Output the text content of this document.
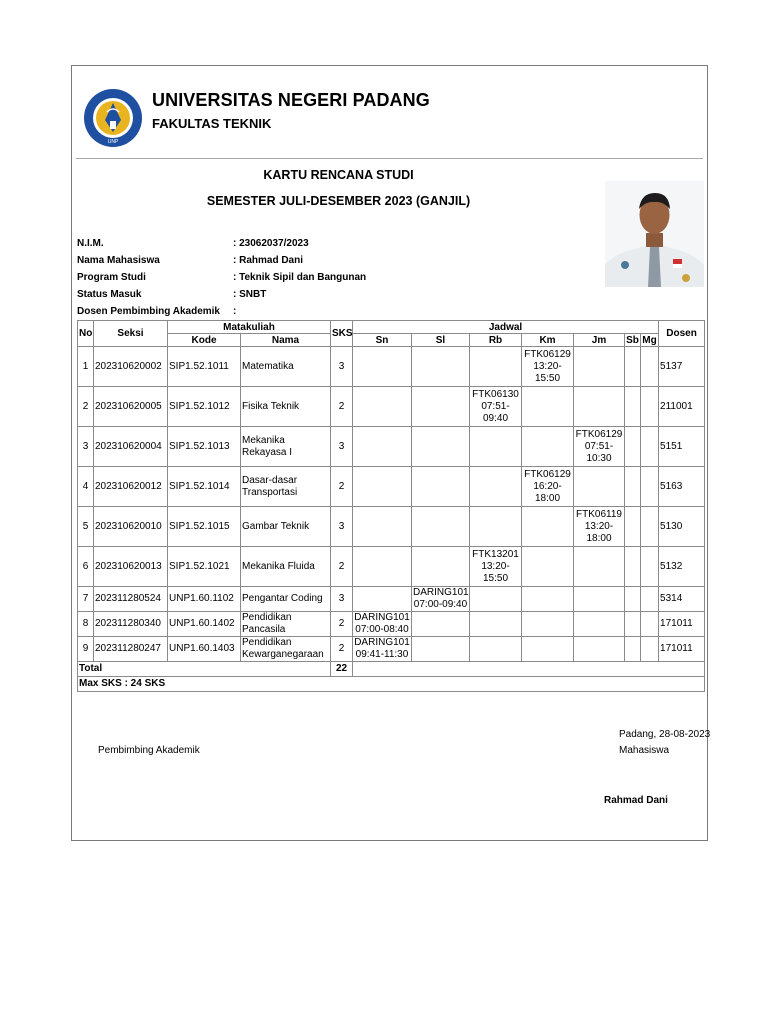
UNP
UNIVERSITAS NEGERI PADANG
FAKULTAS TEKNIK
KARTU RENCANA STUDI
SEMESTER JULI-DESEMBER 2023 (GANJIL)
N.I.M.	: 23062037/2023
Nama Mahasiswa	: Rahmad Dani
Program Studi	: Teknik Sipil dan Bangunan
Status Masuk	: SNBT
Dosen Pembimbing Akademik :
No	Seksi	Matakuliah		SKS	Jadwal							Dosen
		Kode	Nama		Sn	Sl	Rb	Km	Jm	Sb	Mg	
1	202310620002	SIP1.52.1011	Matematika	3				FTK06129 13:20-15:50				5137
2	202310620005	SIP1.52.1012	Fisika Teknik	2			FTK06130 07:51-09:40					211001
3	202310620004	SIP1.52.1013	Mekanika Rekayasa I	3					FTK06129 07:51-10:30			5151
4	202310620012	SIP1.52.1014	Dasar-dasar Transportasi	2				FTK06129 16:20-18:00				5163
5	202310620010	SIP1.52.1015	Gambar Teknik	3					FTK06119 13:20-18:00			5130
6	202310620013	SIP1.52.1021	Mekanika Fluida	2			FTK13201 13:20-15:50					5132
7	202311280524	UNP1.60.1102	Pengantar Coding	3		DARING101 07:00-09:40						5314
8	202311280340	UNP1.60.1402	Pendidikan Pancasila	2	DARING101 07:00-08:40							171011
9	202311280247	UNP1.60.1403	Pendidikan Kewarganegaraan	2	DARING101 09:41-11:30							171011
Total				22								
Max SKS : 24 SKS												
Padang, 28-08-2023
Pembimbing Akademik	Mahasiswa
Rahmad Dani
